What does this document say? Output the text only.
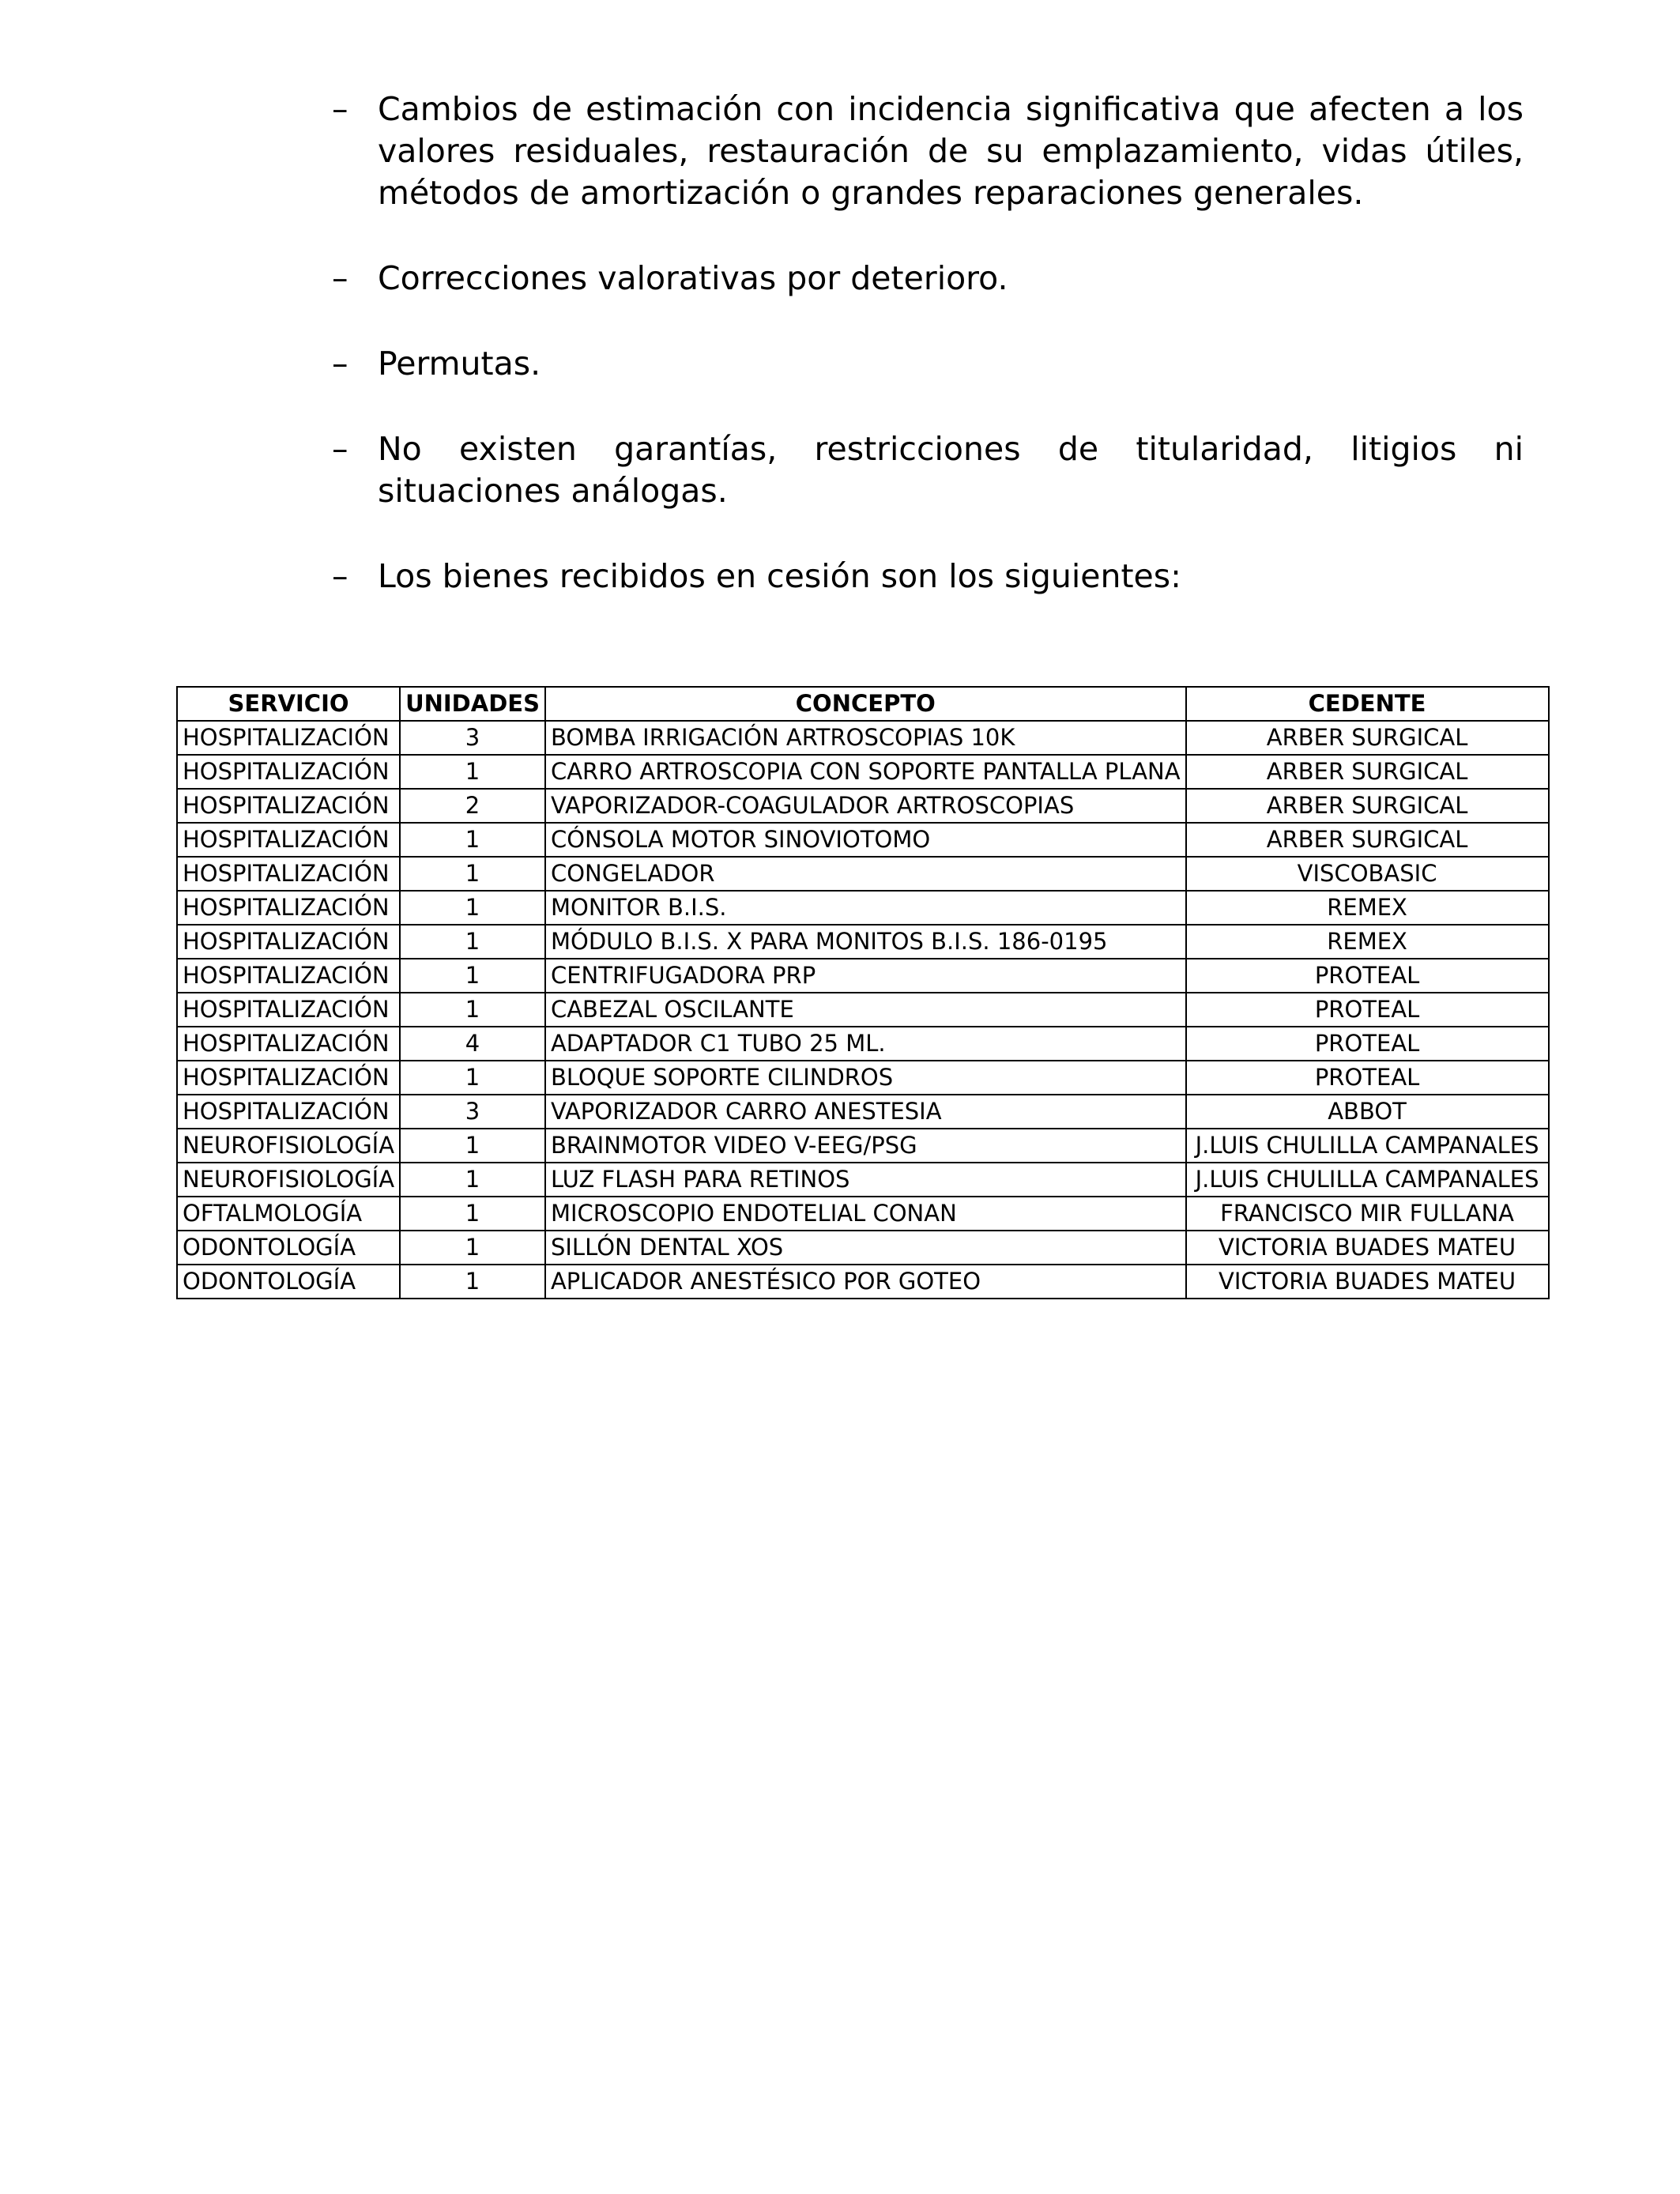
– Cambios de estimación con incidencia significativa que afecten a los valores residuales, restauración de su emplazamiento, vidas útiles, métodos de amortización o grandes reparaciones generales.
– Correcciones valorativas por deterioro.
– Permutas.
– No existen garantías, restricciones de titularidad, litigios ni situaciones análogas.
– Los bienes recibidos en cesión son los siguientes:
SERVICIO	UNIDADES	CONCEPTO	CEDENTE
HOSPITALIZACIÓN	3	BOMBA IRRIGACIÓN ARTROSCOPIAS 10K	ARBER SURGICAL
HOSPITALIZACIÓN	1	CARRO ARTROSCOPIA CON SOPORTE PANTALLA PLANA	ARBER SURGICAL
HOSPITALIZACIÓN	2	VAPORIZADOR-COAGULADOR ARTROSCOPIAS	ARBER SURGICAL
HOSPITALIZACIÓN	1	CÓNSOLA MOTOR SINOVIOTOMO	ARBER SURGICAL
HOSPITALIZACIÓN	1	CONGELADOR	VISCOBASIC
HOSPITALIZACIÓN	1	MONITOR B.I.S.	REMEX
HOSPITALIZACIÓN	1	MÓDULO B.I.S. X PARA MONITOS B.I.S. 186-0195	REMEX
HOSPITALIZACIÓN	1	CENTRIFUGADORA PRP	PROTEAL
HOSPITALIZACIÓN	1	CABEZAL OSCILANTE	PROTEAL
HOSPITALIZACIÓN	4	ADAPTADOR C1 TUBO 25 ML.	PROTEAL
HOSPITALIZACIÓN	1	BLOQUE SOPORTE CILINDROS	PROTEAL
HOSPITALIZACIÓN	3	VAPORIZADOR CARRO ANESTESIA	ABBOT
NEUROFISIOLOGÍA	1	BRAINMOTOR VIDEO V-EEG/PSG	J.LUIS CHULILLA CAMPANALES
NEUROFISIOLOGÍA	1	LUZ FLASH PARA RETINOS	J.LUIS CHULILLA CAMPANALES
OFTALMOLOGÍA	1	MICROSCOPIO ENDOTELIAL CONAN	FRANCISCO MIR FULLANA
ODONTOLOGÍA	1	SILLÓN DENTAL XOS	VICTORIA BUADES MATEU
ODONTOLOGÍA	1	APLICADOR ANESTÉSICO POR GOTEO	VICTORIA BUADES MATEU
